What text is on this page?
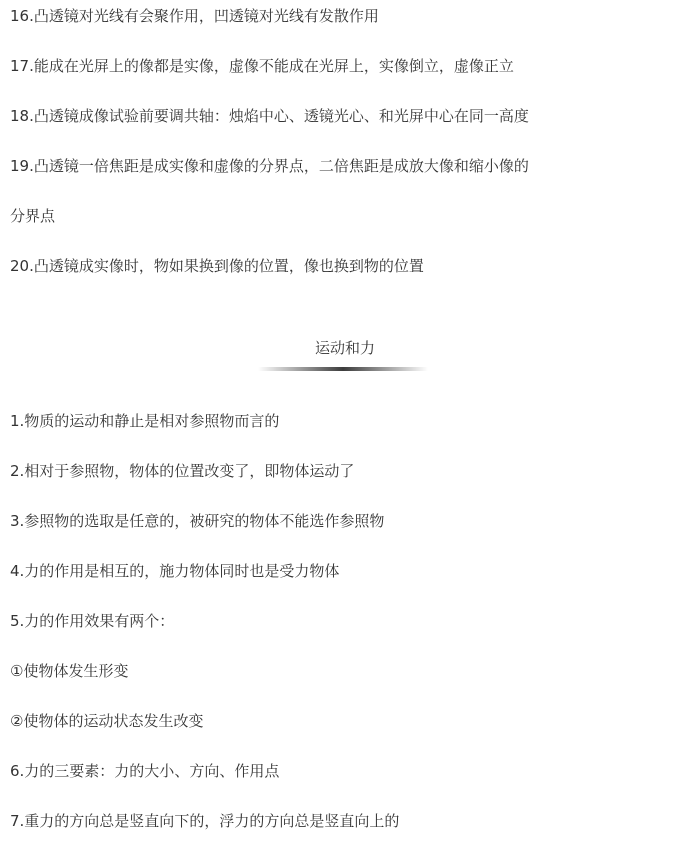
16.凸透镜对光线有会聚作用，凹透镜对光线有发散作用
17.能成在光屏上的像都是实像，虚像不能成在光屏上，实像倒立，虚像正立
18.凸透镜成像试验前要调共轴：烛焰中心、透镜光心、和光屏中心在同一高度
19.凸透镜一倍焦距是成实像和虚像的分界点，二倍焦距是成放大像和缩小像的
分界点
20.凸透镜成实像时，物如果换到像的位置，像也换到物的位置
运动和力
1.物质的运动和静止是相对参照物而言的
2.相对于参照物，物体的位置改变了，即物体运动了
3.参照物的选取是任意的，被研究的物体不能选作参照物
4.力的作用是相互的，施力物体同时也是受力物体
5.力的作用效果有两个：
①使物体发生形变
②使物体的运动状态发生改变
6.力的三要素：力的大小、方向、作用点
7.重力的方向总是竖直向下的，浮力的方向总是竖直向上的
